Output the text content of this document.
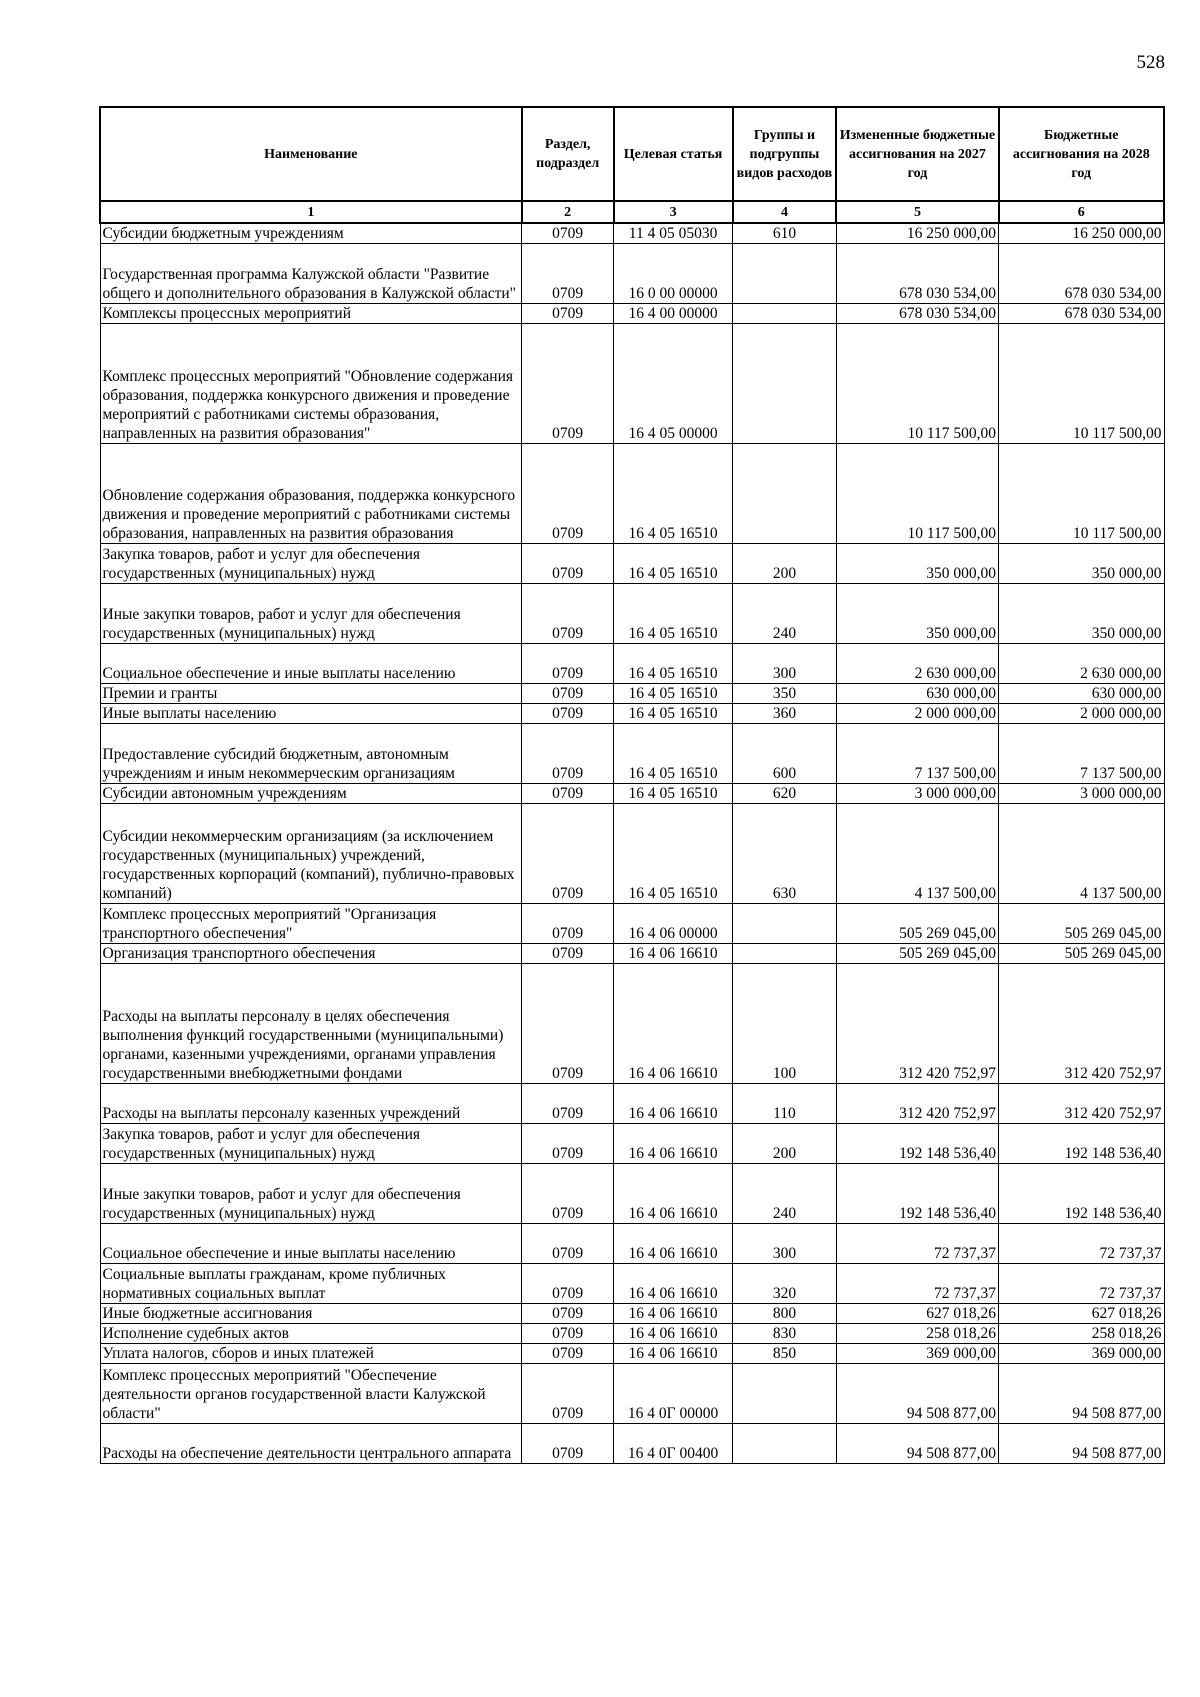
528
Наименование	Раздел, подраздел	Целевая статья	Группы и подгруппы видов расходов	Измененные бюджетные ассигнования на 2027 год	Бюджетные ассигнования на 2028 год
1	2	3	4	5	6
Субсидии бюджетным учреждениям	0709	11 4 05 05030	610	16 250 000,00	16 250 000,00
Государственная программа Калужской области "Развитие общего и дополнительного образования в Калужской области"	0709	16 0 00 00000		678 030 534,00	678 030 534,00
Комплексы процессных мероприятий	0709	16 4 00 00000		678 030 534,00	678 030 534,00
Комплекс процессных мероприятий "Обновление содержания образования, поддержка конкурсного движения и проведение мероприятий с работниками системы образования, направленных на развития образования"	0709	16 4 05 00000		10 117 500,00	10 117 500,00
Обновление содержания образования, поддержка конкурсного движения и проведение мероприятий с работниками системы образования, направленных на развития образования	0709	16 4 05 16510		10 117 500,00	10 117 500,00
Закупка товаров, работ и услуг для обеспечения государственных (муниципальных) нужд	0709	16 4 05 16510	200	350 000,00	350 000,00
Иные закупки товаров, работ и услуг для обеспечения государственных (муниципальных) нужд	0709	16 4 05 16510	240	350 000,00	350 000,00
Социальное обеспечение и иные выплаты населению	0709	16 4 05 16510	300	2 630 000,00	2 630 000,00
Премии и гранты	0709	16 4 05 16510	350	630 000,00	630 000,00
Иные выплаты населению	0709	16 4 05 16510	360	2 000 000,00	2 000 000,00
Предоставление субсидий бюджетным, автономным учреждениям и иным некоммерческим организациям	0709	16 4 05 16510	600	7 137 500,00	7 137 500,00
Субсидии автономным учреждениям	0709	16 4 05 16510	620	3 000 000,00	3 000 000,00
Субсидии некоммерческим организациям (за исключением государственных (муниципальных) учреждений, государственных корпораций (компаний), публично-правовых компаний)	0709	16 4 05 16510	630	4 137 500,00	4 137 500,00
Комплекс процессных мероприятий "Организация транспортного обеспечения"	0709	16 4 06 00000		505 269 045,00	505 269 045,00
Организация транспортного обеспечения	0709	16 4 06 16610		505 269 045,00	505 269 045,00
Расходы на выплаты персоналу в целях обеспечения выполнения функций государственными (муниципальными) органами, казенными учреждениями, органами управления государственными внебюджетными фондами	0709	16 4 06 16610	100	312 420 752,97	312 420 752,97
Расходы на выплаты персоналу казенных учреждений	0709	16 4 06 16610	110	312 420 752,97	312 420 752,97
Закупка товаров, работ и услуг для обеспечения государственных (муниципальных) нужд	0709	16 4 06 16610	200	192 148 536,40	192 148 536,40
Иные закупки товаров, работ и услуг для обеспечения государственных (муниципальных) нужд	0709	16 4 06 16610	240	192 148 536,40	192 148 536,40
Социальное обеспечение и иные выплаты населению	0709	16 4 06 16610	300	72 737,37	72 737,37
Социальные выплаты гражданам, кроме публичных нормативных социальных выплат	0709	16 4 06 16610	320	72 737,37	72 737,37
Иные бюджетные ассигнования	0709	16 4 06 16610	800	627 018,26	627 018,26
Исполнение судебных актов	0709	16 4 06 16610	830	258 018,26	258 018,26
Уплата налогов, сборов и иных платежей	0709	16 4 06 16610	850	369 000,00	369 000,00
Комплекс процессных мероприятий "Обеспечение деятельности органов государственной власти Калужской области"	0709	16 4 0Г 00000		94 508 877,00	94 508 877,00
Расходы на обеспечение деятельности центрального аппарата	0709	16 4 0Г 00400		94 508 877,00	94 508 877,00
